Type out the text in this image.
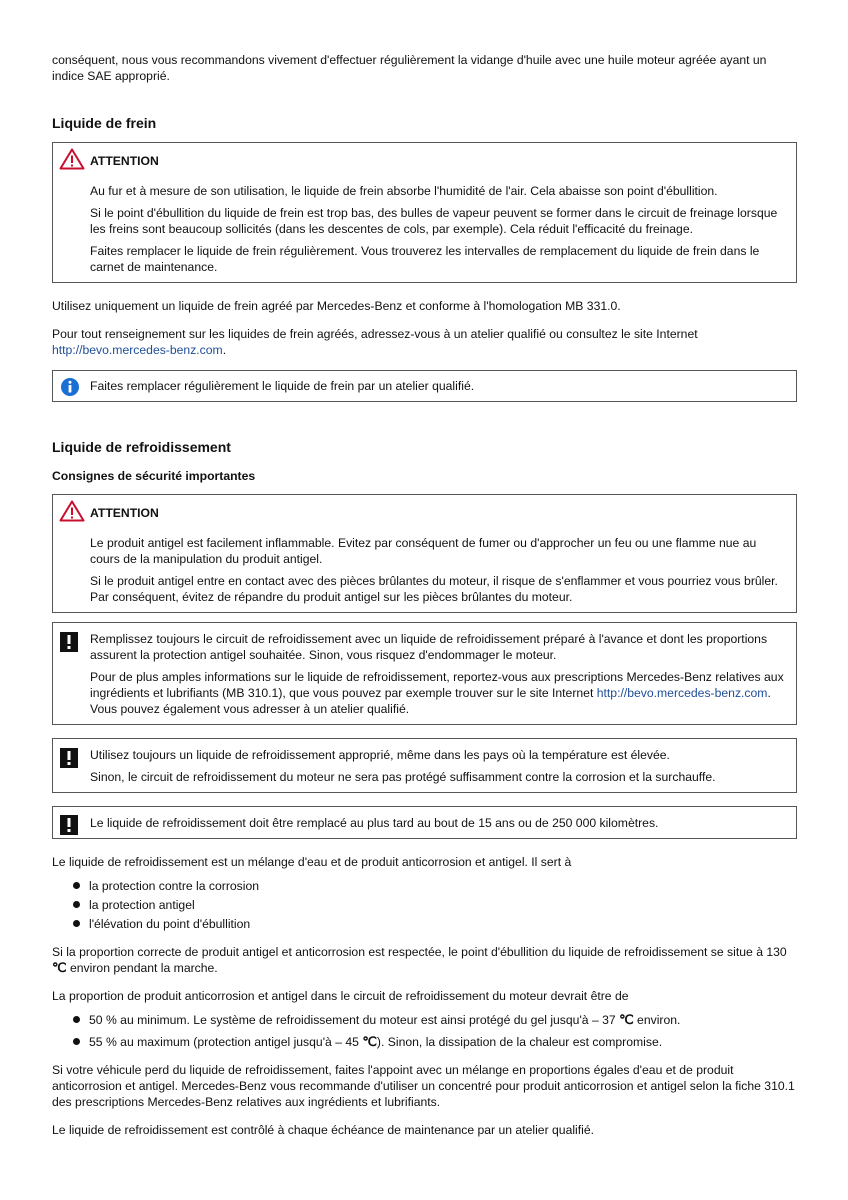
conséquent, nous vous recommandons vivement d'effectuer régulièrement la vidange d'huile avec une huile moteur agréée ayant un indice SAE approprié.

Liquide de frein
ATTENTION

Au fur et à mesure de son utilisation, le liquide de frein absorbe l'humidité de l'air. Cela abaisse son point d'ébullition.

Si le point d'ébullition du liquide de frein est trop bas, des bulles de vapeur peuvent se former dans le circuit de freinage lorsque les freins sont beaucoup sollicités (dans les descentes de cols, par exemple). Cela réduit l'efficacité du freinage.

Faites remplacer le liquide de frein régulièrement. Vous trouverez les intervalles de remplacement du liquide de frein dans le carnet de maintenance.

Utilisez uniquement un liquide de frein agréé par Mercedes-Benz et conforme à l'homologation MB 331.0.

Pour tout renseignement sur les liquides de frein agréés, adressez-vous à un atelier qualifié ou consultez le site Internet http://bevo.mercedes-benz.com.

Faites remplacer régulièrement le liquide de frein par un atelier qualifié.

Liquide de refroidissement
Consignes de sécurité importantes
ATTENTION

Le produit antigel est facilement inflammable. Evitez par conséquent de fumer ou d'approcher un feu ou une flamme nue au cours de la manipulation du produit antigel.

Si le produit antigel entre en contact avec des pièces brûlantes du moteur, il risque de s'enflammer et vous pourriez vous brûler. Par conséquent, évitez de répandre du produit antigel sur les pièces brûlantes du moteur.

Remplissez toujours le circuit de refroidissement avec un liquide de refroidissement préparé à l'avance et dont les proportions assurent la protection antigel souhaitée. Sinon, vous risquez d'endommager le moteur.

Pour de plus amples informations sur le liquide de refroidissement, reportez-vous aux prescriptions Mercedes-Benz relatives aux ingrédients et lubrifiants (MB 310.1), que vous pouvez par exemple trouver sur le site Internet http://bevo.mercedes-benz.com. Vous pouvez également vous adresser à un atelier qualifié.

Utilisez toujours un liquide de refroidissement approprié, même dans les pays où la température est élevée.

Sinon, le circuit de refroidissement du moteur ne sera pas protégé suffisamment contre la corrosion et la surchauffe.

Le liquide de refroidissement doit être remplacé au plus tard au bout de 15 ans ou de 250 000 kilomètres.

Le liquide de refroidissement est un mélange d'eau et de produit anticorrosion et antigel. Il sert à

la protection contre la corrosion
la protection antigel
l'élévation du point d'ébullition

Si la proportion correcte de produit antigel et anticorrosion est respectée, le point d'ébullition du liquide de refroidissement se situe à 130 ℃ environ pendant la marche.

La proportion de produit anticorrosion et antigel dans le circuit de refroidissement du moteur devrait être de

50 % au minimum. Le système de refroidissement du moteur est ainsi protégé du gel jusqu'à ‒ 37 ℃ environ.
55 % au maximum (protection antigel jusqu'à ‒ 45 ℃). Sinon, la dissipation de la chaleur est compromise.

Si votre véhicule perd du liquide de refroidissement, faites l'appoint avec un mélange en proportions égales d'eau et de produit anticorrosion et antigel. Mercedes-Benz vous recommande d'utiliser un concentré pour produit anticorrosion et antigel selon la fiche 310.1 des prescriptions Mercedes-Benz relatives aux ingrédients et lubrifiants.

Le liquide de refroidissement est contrôlé à chaque échéance de maintenance par un atelier qualifié.
